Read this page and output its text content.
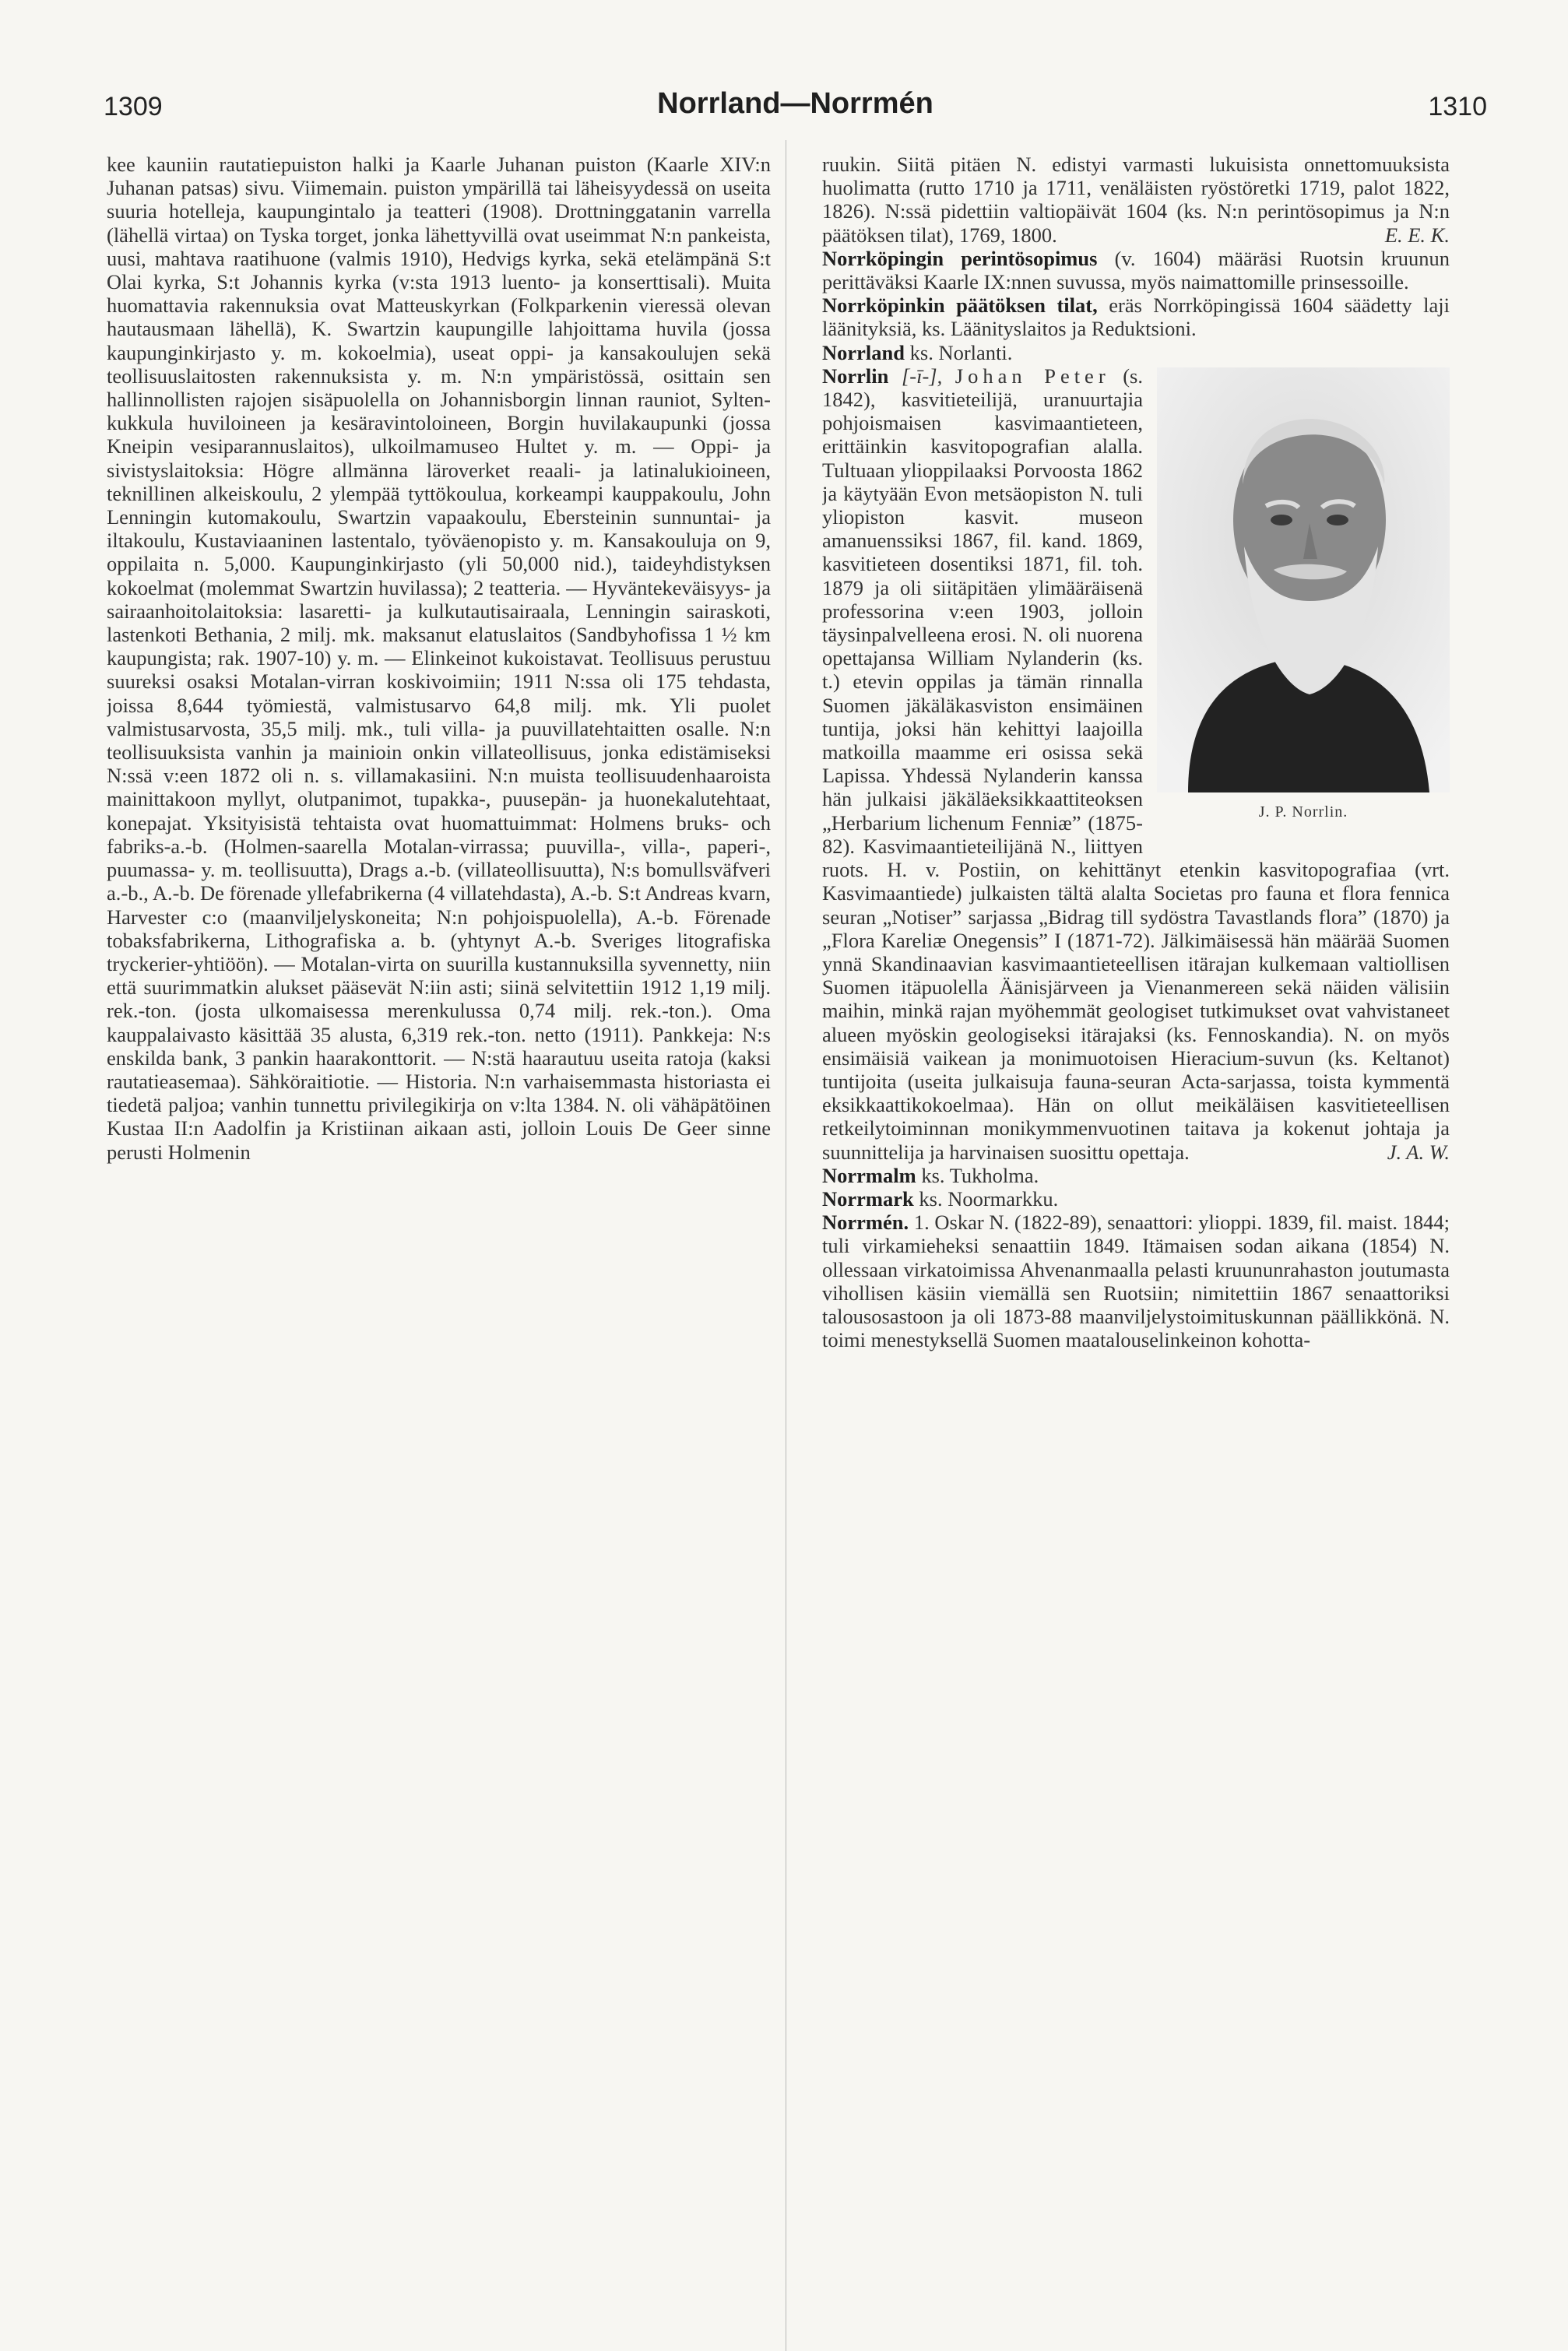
1309	Norrland—Norrmén	1310

kee kauniin rautatiepuiston halki ja Kaarle Juhanan puiston (Kaarle XIV:n Juhanan patsas) sivu. Viimemain. puiston ympärillä tai läheisyydessä on useita suuria hotelleja, kaupungintalo ja teatteri (1908). Drottninggatanin varrella (lähellä virtaa) on Tyska torget, jonka lähettyvillä ovat useimmat N:n pankeista, uusi, mahtava raatihuone (valmis 1910), Hedvigs kyrka, sekä etelämpänä S:t Olai kyrka, S:t Johannis kyrka (v:sta 1913 luento- ja konserttisali). Muita huomattavia rakennuksia ovat Matteuskyrkan (Folkparkenin vieressä olevan hautausmaan lähellä), K. Swartzin kaupungille lahjoittama huvila (jossa kaupunginkirjasto y. m. kokoelmia), useat oppi- ja kansakoulujen sekä teollisuuslaitosten rakennuksista y. m. N:n ympäristössä, osittain sen hallinnollisten rajojen sisäpuolella on Johannisborgin linnan rauniot, Sylten-kukkula huviloineen ja kesäravintoloineen, Borgin huvilakaupunki (jossa Kneipin vesiparannuslaitos), ulkoilmamuseo Hultet y. m. — Oppi- ja sivistyslaitoksia: Högre allmänna läroverket reaali- ja latinalukioineen, teknillinen alkeiskoulu, 2 ylempää tyttökoulua, korkeampi kauppakoulu, John Lenningin kutomakoulu, Swartzin vapaakoulu, Ebersteinin sunnuntai- ja iltakoulu, Kustaviaaninen lastentalo, työväenopisto y. m. Kansakouluja on 9, oppilaita n. 5,000. Kaupunginkirjasto (yli 50,000 nid.), taideyhdistyksen kokoelmat (molemmat Swartzin huvilassa); 2 teatteria. — Hyväntekeväisyys- ja sairaanhoitolaitoksia: lasaretti- ja kulkutautisairaala, Lenningin sairaskoti, lastenkoti Bethania, 2 milj. mk. maksanut elatuslaitos (Sandbyhofissa 1 ½ km kaupungista; rak. 1907-10) y. m. — Elinkeinot kukoistavat. Teollisuus perustuu suureksi osaksi Motalan-virran koskivoimiin; 1911 N:ssa oli 175 tehdasta, joissa 8,644 työmiestä, valmistusarvo 64,8 milj. mk. Yli puolet valmistusarvosta, 35,5 milj. mk., tuli villa- ja puuvillatehtaitten osalle. N:n teollisuuksista vanhin ja mainioin onkin villateollisuus, jonka edistämiseksi N:ssä v:een 1872 oli n. s. villamakasiini. N:n muista teollisuudenhaaroista mainittakoon myllyt, olutpanimot, tupakka-, puusepän- ja huonekalutehtaat, konepajat. Yksityisistä tehtaista ovat huomattuimmat: Holmens bruks- och fabriks-a.-b. (Holmen-saarella Motalan-virrassa; puuvilla-, villa-, paperi-, puumassa- y. m. teollisuutta), Drags a.-b. (villateollisuutta), N:s bomullsväfveri a.-b., A.-b. De förenade yllefabrikerna (4 villatehdasta), A.-b. S:t Andreas kvarn, Harvester c:o (maanviljelyskoneita; N:n pohjoispuolella), A.-b. Förenade tobaksfabrikerna, Lithografiska a. b. (yhtynyt A.-b. Sveriges litografiska tryckerier-yhtiöön). — Motalan-virta on suurilla kustannuksilla syvennetty, niin että suurimmatkin alukset pääsevät N:iin asti; siinä selvitettiin 1912 1,19 milj. rek.-ton. (josta ulkomaisessa merenkulussa 0,74 milj. rek.-ton.). Oma kauppalaivasto käsittää 35 alusta, 6,319 rek.-ton. netto (1911). Pankkeja: N:s enskilda bank, 3 pankin haarakonttorit. — N:stä haarautuu useita ratoja (kaksi rautatieasemaa). Sähköraitiotie. — Historia. N:n varhaisemmasta historiasta ei tiedetä paljoa; vanhin tunnettu privilegikirja on v:lta 1384. N. oli vähäpätöinen Kustaa II:n Aadolfin ja Kristiinan aikaan asti, jolloin Louis De Geer sinne perusti Holmenin

ruukin. Siitä pitäen N. edistyi varmasti lukuisista onnettomuuksista huolimatta (rutto 1710 ja 1711, venäläisten ryöstöretki 1719, palot 1822, 1826). N:ssä pidettiin valtiopäivät 1604 (ks. N:n perintösopimus ja N:n päätöksen tilat), 1769, 1800.	E. E. K.

Norrköpingin perintösopimus (v. 1604) määräsi Ruotsin kruunun perittäväksi Kaarle IX:nnen suvussa, myös naimattomille prinsessoille.

Norrköpinkin päätöksen tilat, eräs Norrköpingissä 1604 säädetty laji läänityksiä, ks. Läänityslaitos ja Reduktsioni.

Norrland ks. Norlanti.

Norrlin [-ī-], Johan Peter
J. P. Norrlin.
(s. 1842), kasvitieteilijä, uranuurtajia pohjoismaisen kasvimaantieteen, erittäinkin kasvitopografian alalla. Tultuaan ylioppilaaksi Porvoosta 1862 ja käytyään Evon metsäopiston N. tuli yliopiston kasvit. museon amanuenssiksi 1867, fil. kand. 1869, kasvitieteen dosentiksi 1871, fil. toh. 1879 ja oli siitäpitäen ylimääräisenä professorina v:een 1903, jolloin täysinpalvelleena erosi. N. oli nuorena opettajansa William Nylanderin (ks. t.) etevin oppilas ja tämän rinnalla Suomen jäkäläkasviston ensimäinen tuntija, joksi hän kehittyi laajoilla matkoilla maamme eri osissa sekä Lapissa. Yhdessä Nylanderin kanssa hän julkaisi jäkäläeksikkaattiteoksen „Herbarium lichenum Fenniæ” (1875-82). Kasvimaantieteilijänä N., liittyen ruots. H. v. Postiin, on kehittänyt etenkin kasvitopografiaa (vrt. Kasvimaantiede) julkaisten tältä alalta Societas pro fauna et flora fennica seuran „Notiser” sarjassa „Bidrag till sydöstra Tavastlands flora” (1870) ja „Flora Kareliæ Onegensis” I (1871-72). Jälkimäisessä hän määrää Suomen ynnä Skandinaavian kasvimaantieteellisen itärajan kulkemaan valtiollisen Suomen itäpuolella Äänisjärveen ja Vienanmereen sekä näiden välisiin maihin, minkä rajan myöhemmät geologiset tutkimukset ovat vahvistaneet alueen myöskin geologiseksi itärajaksi (ks. Fennoskandia). N. on myös ensimäisiä vaikean ja monimuotoisen Hieracium-suvun (ks. Keltanot) tuntijoita (useita julkaisuja fauna-seuran Acta-sarjassa, toista kymmentä eksikkaattikokoelmaa). Hän on ollut meikäläisen kasvitieteellisen retkeilytoiminnan monikymmenvuotinen taitava ja kokenut johtaja ja suunnittelija ja harvinaisen suosittu opettaja.	J. A. W.

Norrmalm ks. Tukholma.

Norrmark ks. Noormarkku.

Norrmén. 1. Oskar N. (1822-89), senaattori: ylioppi. 1839, fil. maist. 1844; tuli virkamieheksi senaattiin 1849. Itämaisen sodan aikana (1854) N. ollessaan virkatoimissa Ahvenanmaalla pelasti kruununrahaston joutumasta vihollisen käsiin viemällä sen Ruotsiin; nimitettiin 1867 senaattoriksi talousosastoon ja oli 1873-88 maanviljelystoimituskunnan päällikkönä. N. toimi menestyksellä Suomen maatalouselinkeinon kohotta-
